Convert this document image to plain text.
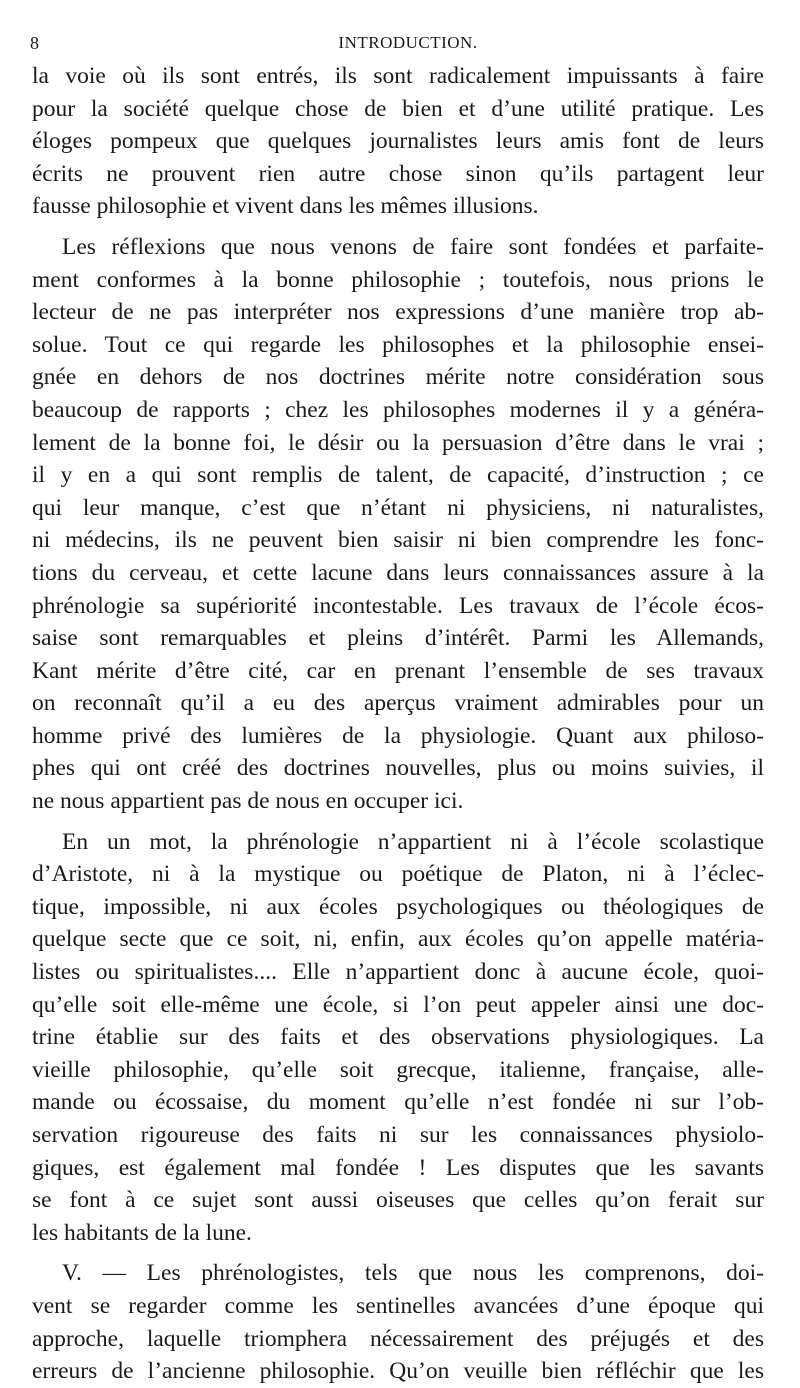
8	INTRODUCTION.
la voie où ils sont entrés, ils sont radicalement impuissants à faire
pour la société quelque chose de bien et d’une utilité pratique. Les
éloges pompeux que quelques journalistes leurs amis font de leurs
écrits ne prouvent rien autre chose sinon qu’ils partagent leur
fausse philosophie et vivent dans les mêmes illusions.
Les réflexions que nous venons de faire sont fondées et parfaite-
ment conformes à la bonne philosophie ; toutefois, nous prions le
lecteur de ne pas interpréter nos expressions d’une manière trop ab-
solue. Tout ce qui regarde les philosophes et la philosophie ensei-
gnée en dehors de nos doctrines mérite notre considération sous
beaucoup de rapports ; chez les philosophes modernes il y a généra-
lement de la bonne foi, le désir ou la persuasion d’être dans le vrai ;
il y en a qui sont remplis de talent, de capacité, d’instruction ; ce
qui leur manque, c’est que n’étant ni physiciens, ni naturalistes,
ni médecins, ils ne peuvent bien saisir ni bien comprendre les fonc-
tions du cerveau, et cette lacune dans leurs connaissances assure à la
phrénologie sa supériorité incontestable. Les travaux de l’école écos-
saise sont remarquables et pleins d’intérêt. Parmi les Allemands,
Kant mérite d’être cité, car en prenant l’ensemble de ses travaux
on reconnaît qu’il a eu des aperçus vraiment admirables pour un
homme privé des lumières de la physiologie. Quant aux philoso-
phes qui ont créé des doctrines nouvelles, plus ou moins suivies, il
ne nous appartient pas de nous en occuper ici.
En un mot, la phrénologie n’appartient ni à l’école scolastique
d’Aristote, ni à la mystique ou poétique de Platon, ni à l’éclec-
tique, impossible, ni aux écoles psychologiques ou théologiques de
quelque secte que ce soit, ni, enfin, aux écoles qu’on appelle matéria-
listes ou spiritualistes.... Elle n’appartient donc à aucune école, quoi-
qu’elle soit elle-même une école, si l’on peut appeler ainsi une doc-
trine établie sur des faits et des observations physiologiques. La
vieille philosophie, qu’elle soit grecque, italienne, française, alle-
mande ou écossaise, du moment qu’elle n’est fondée ni sur l’ob-
servation rigoureuse des faits ni sur les connaissances physiolo-
giques, est également mal fondée ! Les disputes que les savants
se font à ce sujet sont aussi oiseuses que celles qu’on ferait sur
les habitants de la lune.
V. — Les phrénologistes, tels que nous les comprenons, doi-
vent se regarder comme les sentinelles avancées d’une époque qui
approche, laquelle triomphera nécessairement des préjugés et des
erreurs de l’ancienne philosophie. Qu’on veuille bien réfléchir que les
